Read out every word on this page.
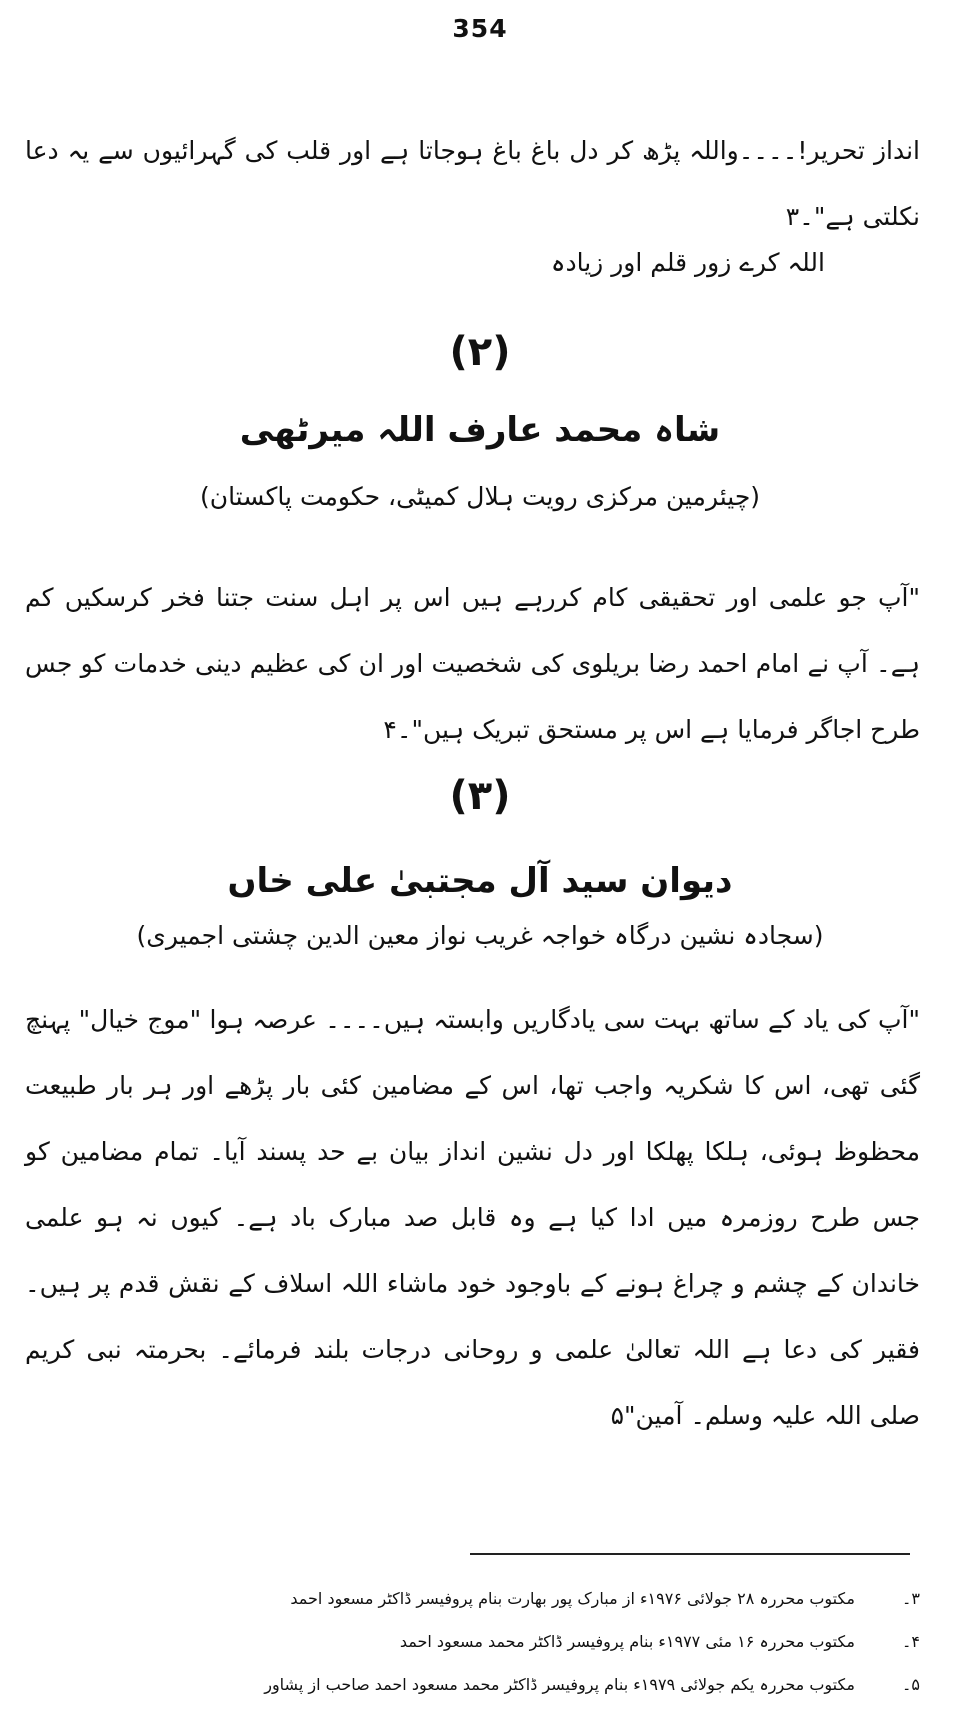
354
انداز تحریر!۔۔۔۔واللہ پڑھ کر دل باغ باغ ہوجاتا ہے اور قلب کی گہرائیوں سے یہ دعا نکلتی ہے"۔۳
اللہ کرے زور قلم اور زیادہ
(۲)
شاہ محمد عارف اللہ میرٹھی
(چیئرمین مرکزی رویت ہلال کمیٹی، حکومت پاکستان)
"آپ جو علمی اور تحقیقی کام کررہے ہیں اس پر اہل سنت جتنا فخر کرسکیں کم ہے۔ آپ نے امام احمد رضا بریلوی کی شخصیت اور ان کی عظیم دینی خدمات کو جس طرح اجاگر فرمایا ہے اس پر مستحق تبریک ہیں"۔۴
(۳)
دیوان سید آل مجتبیٰ علی خاں
(سجادہ نشین درگاہ خواجہ غریب نواز معین الدین چشتی اجمیری)
"آپ کی یاد کے ساتھ بہت سی یادگاریں وابستہ ہیں۔۔۔۔ عرصہ ہوا "موج خیال" پہنچ گئی تھی، اس کا شکریہ واجب تھا، اس کے مضامین کئی بار پڑھے اور ہر بار طبیعت محظوظ ہوئی، ہلکا پھلکا اور دل نشین انداز بیان بے حد پسند آیا۔ تمام مضامین کو جس طرح روزمرہ میں ادا کیا ہے وہ قابل صد مبارک باد ہے۔ کیوں نہ ہو علمی خاندان کے چشم و چراغ ہونے کے باوجود خود ماشاء اللہ اسلاف کے نقش قدم پر ہیں۔ فقیر کی دعا ہے اللہ تعالیٰ علمی و روحانی درجات بلند فرمائے۔ بحرمتہ نبی کریم صلی اللہ علیہ وسلم۔ آمین"۵
۳۔ مکتوب محررہ ۲۸ جولائی ۱۹۷۶ء از مبارک پور بھارت بنام پروفیسر ڈاکٹر مسعود احمد
۴۔ مکتوب محررہ ۱۶ مئی ۱۹۷۷ء بنام پروفیسر ڈاکٹر محمد مسعود احمد
۵۔ مکتوب محررہ یکم جولائی ۱۹۷۹ء بنام پروفیسر ڈاکٹر محمد مسعود احمد صاحب از پشاور
